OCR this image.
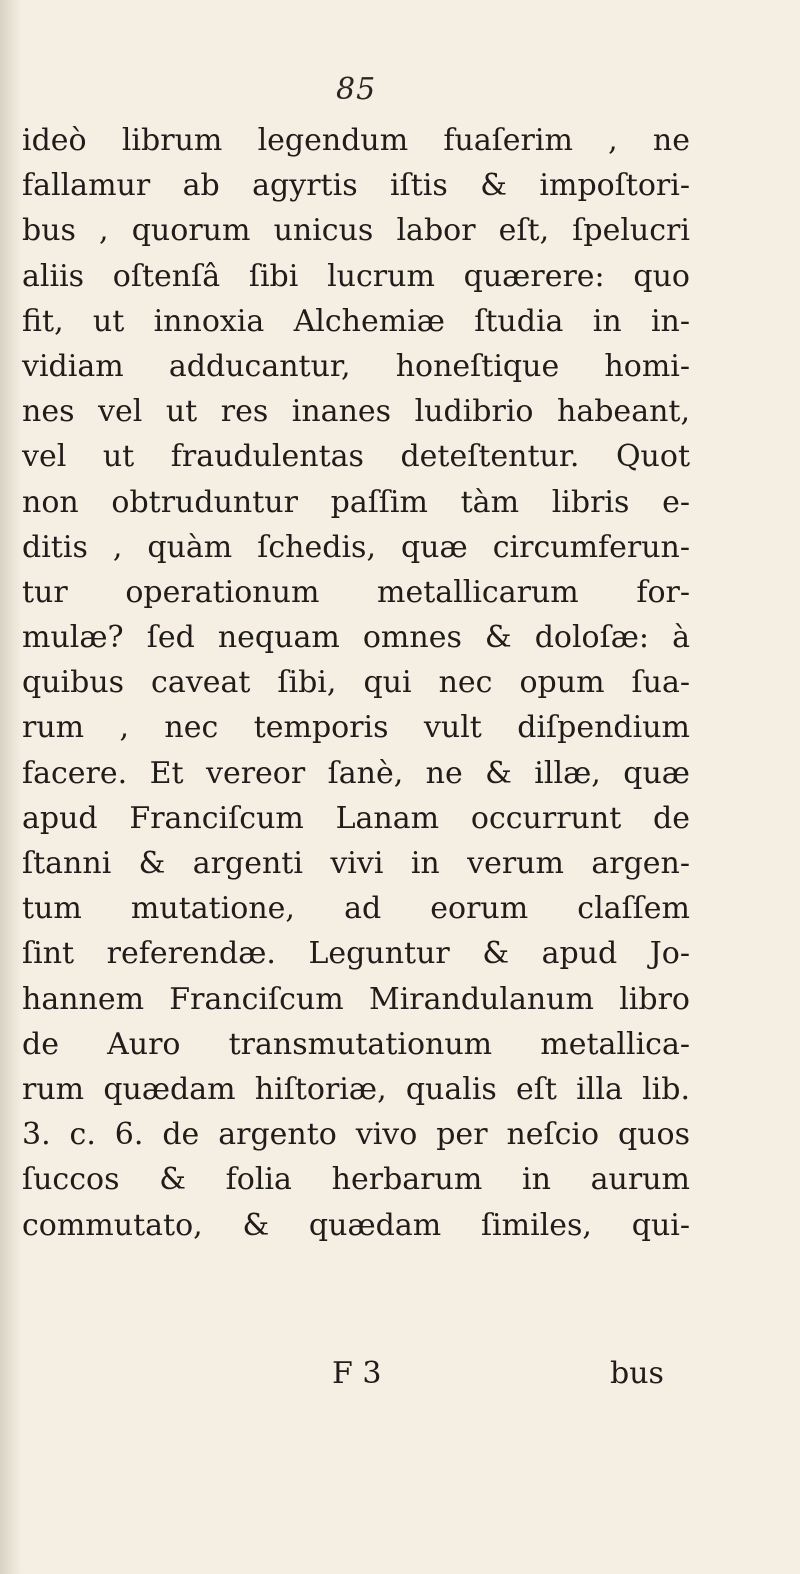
85
ideò librum legendum fuaſerim , ne
fallamur ab agyrtis iſtis & impoſtori-
bus , quorum unicus labor eſt, ſpelucri
aliis oſtenſâ ſibi lucrum quærere: quo
fit, ut innoxia Alchemiæ ſtudia in in-
vidiam adducantur, honeſtique homi-
nes vel ut res inanes ludibrio habeant,
vel ut fraudulentas deteſtentur. Quot
non obtruduntur paſſim tàm libris e-
ditis , quàm ſchedis, quæ circumferun-
tur operationum metallicarum for-
mulæ? ſed nequam omnes & doloſæ: à
quibus caveat ſibi, qui nec opum ſua-
rum , nec temporis vult diſpendium
facere. Et vereor ſanè, ne & illæ, quæ
apud Franciſcum Lanam occurrunt de
ſtanni & argenti vivi in verum argen-
tum mutatione, ad eorum claſſem
ſint referendæ. Leguntur & apud Jo-
hannem Franciſcum Mirandulanum libro
de Auro transmutationum metallica-
rum quædam hiſtoriæ, qualis eſt illa lib.
3. c. 6. de argento vivo per neſcio quos
ſuccos & folia herbarum in aurum
commutato, & quædam ſimiles, qui-
F 3	bus
